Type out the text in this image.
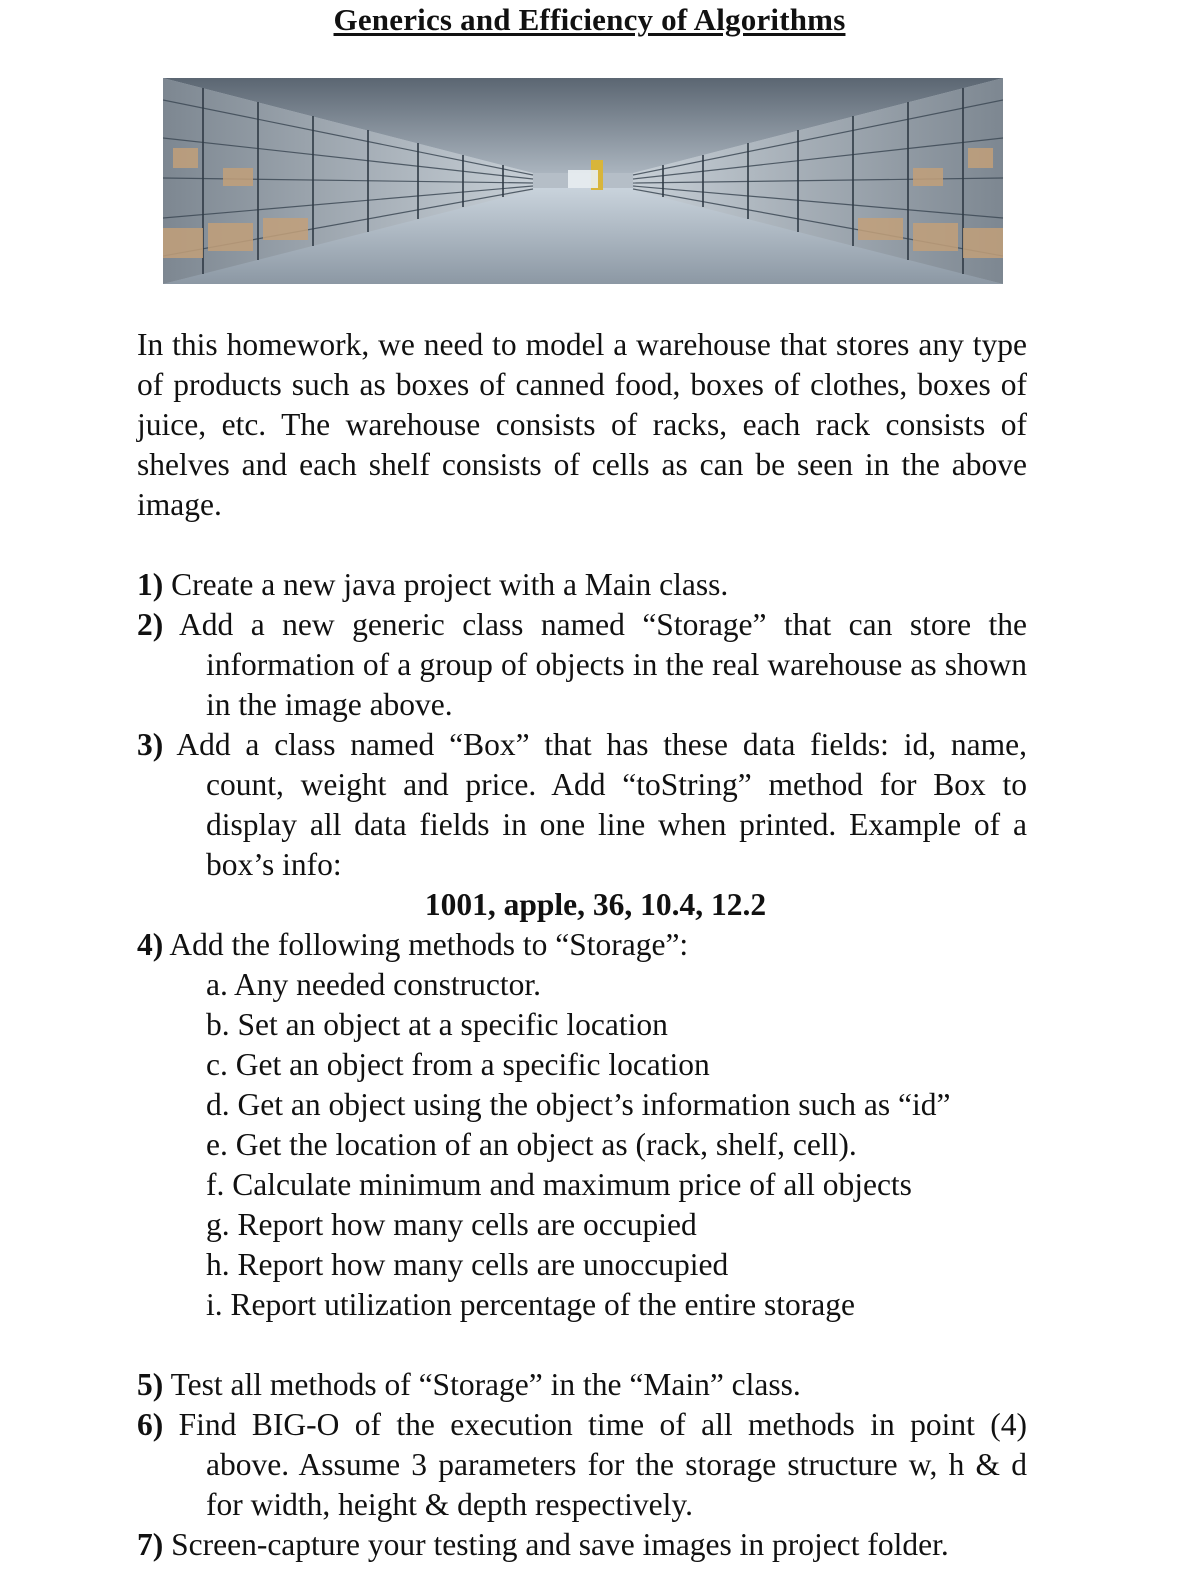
Generics and Efficiency of Algorithms
In this homework, we need to model a warehouse that stores any type of products such as boxes of canned food, boxes of clothes, boxes of juice, etc. The warehouse consists of racks, each rack consists of shelves and each shelf consists of cells as can be seen in the above image.
1) Create a new java project with a Main class.
2) Add a new generic class named “Storage” that can store the
information of a group of objects in the real warehouse as shown in the image above.
3) Add a class named “Box” that has these data fields: id, name,
count, weight and price. Add “toString” method for Box to display all data fields in one line when printed. Example of a box’s info:
1001, apple, 36, 10.4, 12.2
4) Add the following methods to “Storage”:
a. Any needed constructor.
b. Set an object at a specific location
c. Get an object from a specific location
d. Get an object using the object’s information such as “id”
e. Get the location of an object as (rack, shelf, cell).
f. Calculate minimum and maximum price of all objects
g. Report how many cells are occupied
h. Report how many cells are unoccupied
i. Report utilization percentage of the entire storage
5) Test all methods of “Storage” in the “Main” class.
6) Find BIG-O of the execution time of all methods in point (4)
above. Assume 3 parameters for the storage structure w, h & d for width, height & depth respectively.
7) Screen-capture your testing and save images in project folder.
